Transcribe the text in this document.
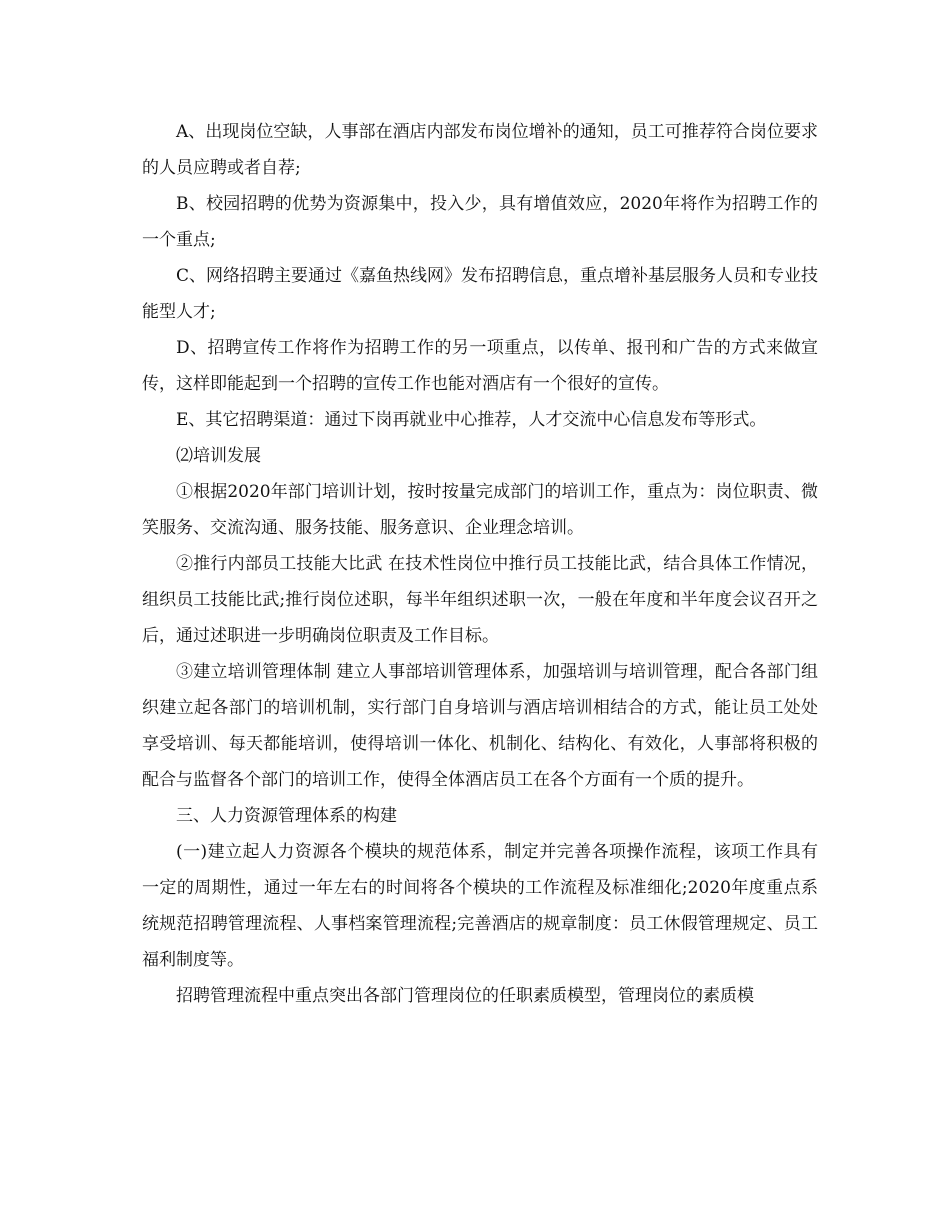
A、出现岗位空缺，人事部在酒店内部发布岗位增补的通知，员工可推荐符合岗位要求的人员应聘或者自荐;

B、校园招聘的优势为资源集中，投入少，具有增值效应，2020年将作为招聘工作的一个重点;

C、网络招聘主要通过《嘉鱼热线网》发布招聘信息，重点增补基层服务人员和专业技能型人才;

D、招聘宣传工作将作为招聘工作的另一项重点，以传单、报刊和广告的方式来做宣传，这样即能起到一个招聘的宣传工作也能对酒店有一个很好的宣传。

E、其它招聘渠道：通过下岗再就业中心推荐，人才交流中心信息发布等形式。

⑵培训发展

①根据2020年部门培训计划，按时按量完成部门的培训工作，重点为：岗位职责、微笑服务、交流沟通、服务技能、服务意识、企业理念培训。

②推行内部员工技能大比武 在技术性岗位中推行员工技能比武，结合具体工作情况，组织员工技能比武;推行岗位述职，每半年组织述职一次，一般在年度和半年度会议召开之后，通过述职进一步明确岗位职责及工作目标。

③建立培训管理体制 建立人事部培训管理体系，加强培训与培训管理，配合各部门组织建立起各部门的培训机制，实行部门自身培训与酒店培训相结合的方式，能让员工处处享受培训、每天都能培训，使得培训一体化、机制化、结构化、有效化，人事部将积极的配合与监督各个部门的培训工作，使得全体酒店员工在各个方面有一个质的提升。

三、人力资源管理体系的构建

(一)建立起人力资源各个模块的规范体系，制定并完善各项操作流程，该项工作具有一定的周期性，通过一年左右的时间将各个模块的工作流程及标准细化;2020年度重点系统规范招聘管理流程、人事档案管理流程;完善酒店的规章制度：员工休假管理规定、员工福利制度等。

招聘管理流程中重点突出各部门管理岗位的任职素质模型，管理岗位的素质模
